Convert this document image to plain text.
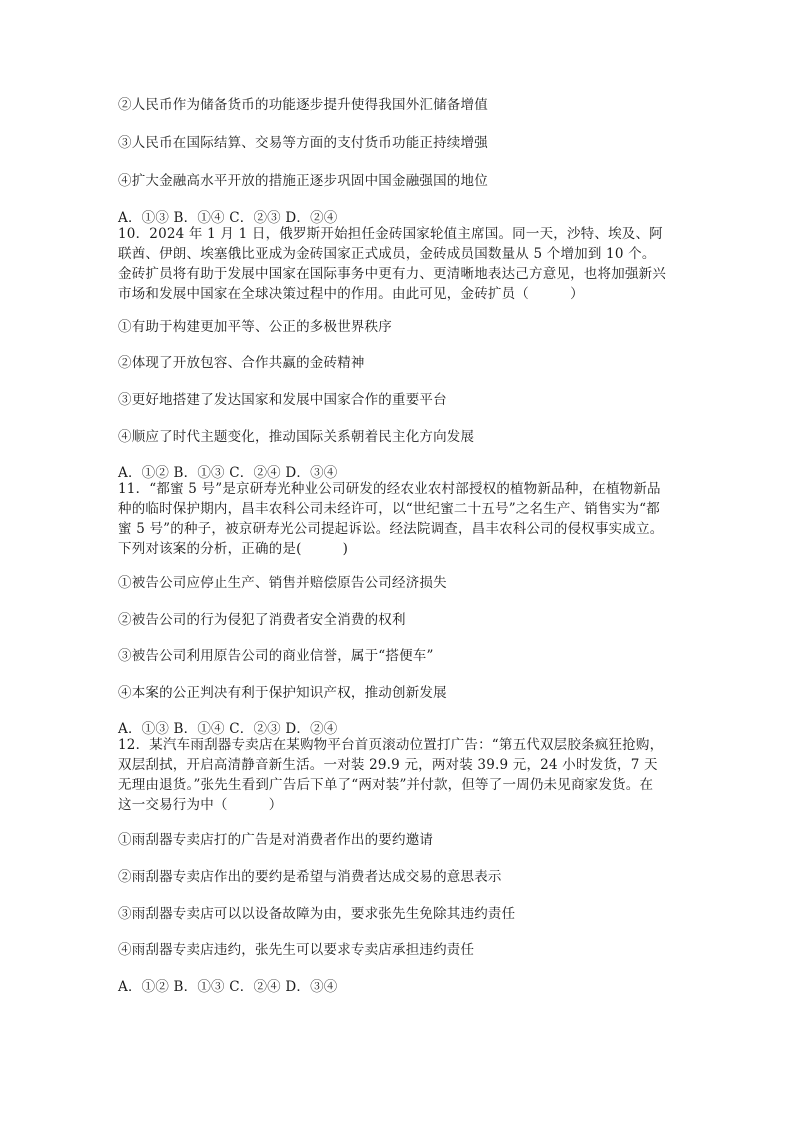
②人民币作为储备货币的功能逐步提升使得我国外汇储备增值
③人民币在国际结算、交易等方面的支付货币功能正持续增强
④扩大金融高水平开放的措施正逐步巩固中国金融强国的地位
A．①③ B．①④ C．②③ D．②④
10．2024 年 1 月 1 日，俄罗斯开始担任金砖国家轮值主席国。同一天，沙特、埃及、阿联酋、伊朗、埃塞俄比亚成为金砖国家正式成员，金砖成员国数量从 5 个增加到 10 个。金砖扩员将有助于发展中国家在国际事务中更有力、更清晰地表达己方意见，也将加强新兴市场和发展中国家在全球决策过程中的作用。由此可见，金砖扩员（　　　）
①有助于构建更加平等、公正的多极世界秩序
②体现了开放包容、合作共赢的金砖精神
③更好地搭建了发达国家和发展中国家合作的重要平台
④顺应了时代主题变化，推动国际关系朝着民主化方向发展
A．①② B．①③ C．②④ D．③④
11．“都蜜 5 号”是京研寿光种业公司研发的经农业农村部授权的植物新品种，在植物新品种的临时保护期内，昌丰农科公司未经许可，以“世纪蜜二十五号”之名生产、销售实为“都蜜 5 号”的种子，被京研寿光公司提起诉讼。经法院调查，昌丰农科公司的侵权事实成立。下列对该案的分析，正确的是(　　　)
①被告公司应停止生产、销售并赔偿原告公司经济损失
②被告公司的行为侵犯了消费者安全消费的权利
③被告公司利用原告公司的商业信誉，属于“搭便车”
④本案的公正判决有利于保护知识产权，推动创新发展
A．①③ B．①④ C．②③ D．②④
12．某汽车雨刮器专卖店在某购物平台首页滚动位置打广告：“第五代双层胶条疯狂抢购，双层刮拭，开启高清静音新生活。一对装 29.9 元，两对装 39.9 元，24 小时发货，7 天无理由退货。”张先生看到广告后下单了“两对装”并付款，但等了一周仍未见商家发货。在这一交易行为中（　　　）
①雨刮器专卖店打的广告是对消费者作出的要约邀请
②雨刮器专卖店作出的要约是希望与消费者达成交易的意思表示
③雨刮器专卖店可以以设备故障为由，要求张先生免除其违约责任
④雨刮器专卖店违约，张先生可以要求专卖店承担违约责任
A．①② B．①③ C．②④ D．③④
